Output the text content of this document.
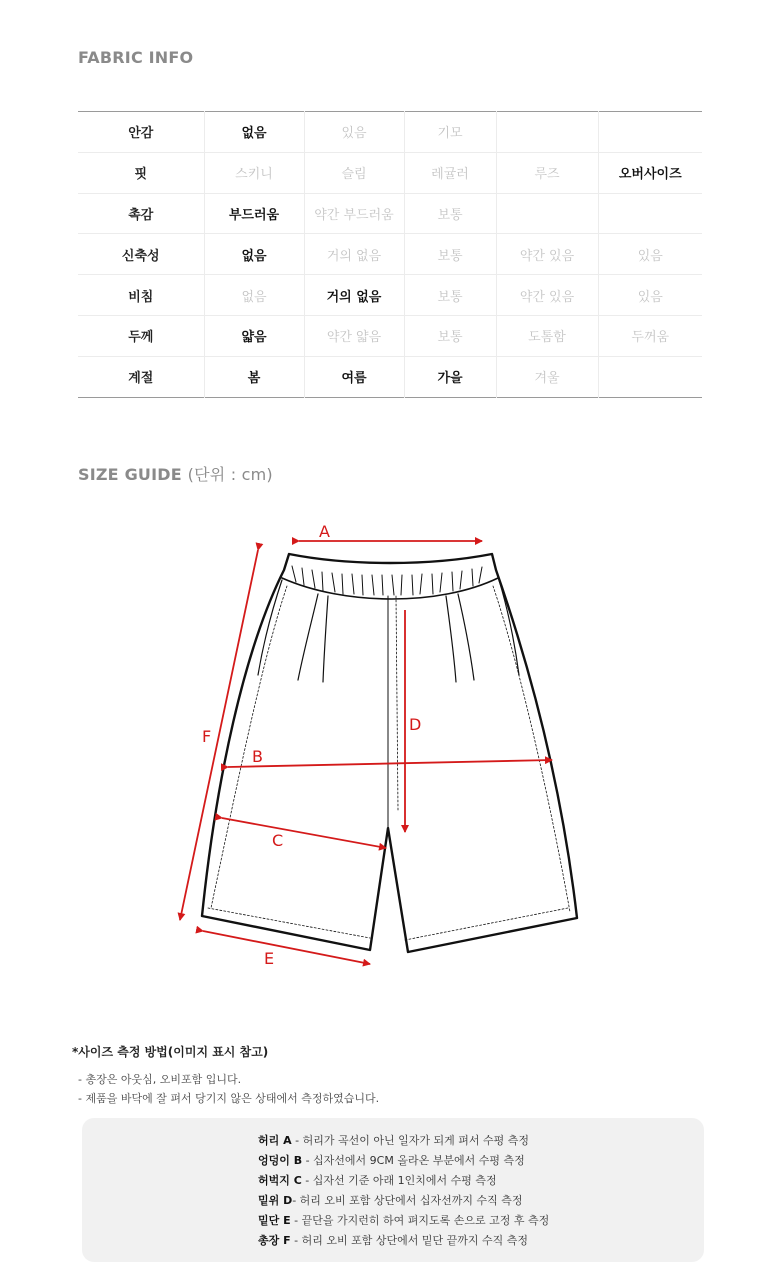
FABRIC INFO
안감	없음	있음	기모		
핏	스키니	슬림	레귤러	루즈	오버사이즈
촉감	부드러움	약간 부드러움	보통		
신축성	없음	거의 없음	보통	약간 있음	있음
비침	없음	거의 없음	보통	약간 있음	있음
두께	얇음	약간 얇음	보통	도톰함	두꺼움
계절	봄	여름	가을	겨울	
SIZE GUIDE (단위 : cm)
A
B
C
D
E
F
*사이즈 측정 방법(이미지 표시 참고)
- 총장은 아웃심, 오비포함 입니다.
- 제품을 바닥에 잘 펴서 당기지 않은 상태에서 측정하였습니다.
허리 A - 허리가 곡선이 아닌 일자가 되게 펴서 수평 측정
엉덩이 B - 십자선에서 9CM 올라온 부분에서 수평 측정
허벅지 C - 십자선 기준 아래 1인치에서 수평 측정
밑위 D- 허리 오비 포함 상단에서 십자선까지 수직 측정
밑단 E - 끝단을 가지런히 하여 펴지도록 손으로 고정 후 측정
총장 F - 허리 오비 포함 상단에서 밑단 끝까지 수직 측정
